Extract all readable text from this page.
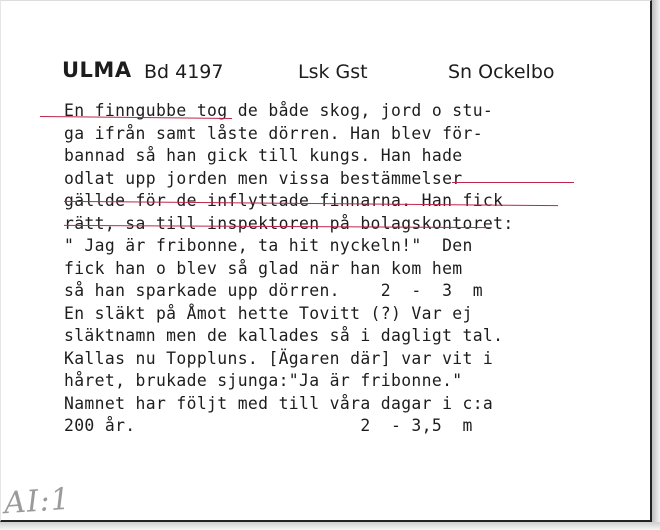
ULMA Bd 4197	Lsk Gst	Sn Ockelbo
En finngubbe tog de både skog, jord o stu-
ga ifrån samt låste dörren. Han blev för-
bannad så han gick till kungs. Han hade
odlat upp jorden men vissa bestämmelser
gällde för de inflyttade finnarna. Han fick
rätt, sa till inspektoren på bolagskontoret:
" Jag är fribonne, ta hit nyckeln!"  Den
fick han o blev så glad när han kom hem
så han sparkade upp dörren.    2  -  3  m
En släkt på Åmot hette Tovitt (?) Var ej
släktnamn men de kallades så i dagligt tal.
Kallas nu Toppluns. [Ägaren där] var vit i
håret, brukade sjunga:"Ja är fribonne."
Namnet har följt med till våra dagar i c:a
200 år.                      2  - 3,5  m
AI:1
